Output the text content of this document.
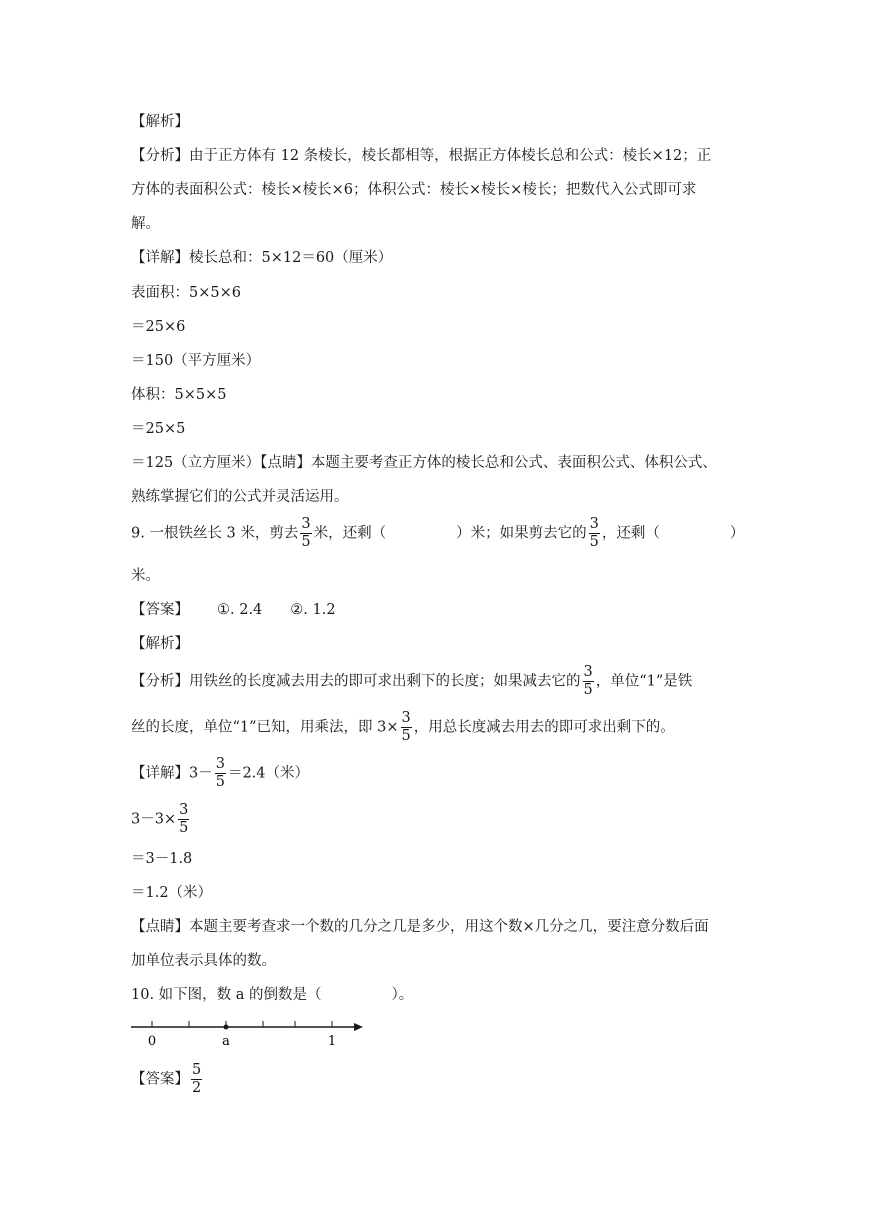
【解析】
【分析】由于正方体有 12 条棱长，棱长都相等，根据正方体棱长总和公式：棱长×12；正
方体的表面积公式：棱长×棱长×6；体积公式：棱长×棱长×棱长；把数代入公式即可求
解。
【详解】棱长总和：5×12＝60（厘米）
表面积：5×5×6
＝25×6
＝150（平方厘米）
体积：5×5×5
＝25×5
＝125（立方厘米）【点睛】本题主要考查正方体的棱长总和公式、表面积公式、体积公式、
熟练掌握它们的公式并灵活运用。
9. 一根铁丝长 3 米，剪去 $\frac{3}{5}$ 米，还剩（	）米；如果剪去它的 $\frac{3}{5}$ ，还剩（	）
米。
【答案】 ①. 2.4 ②. 1.2
【解析】
【分析】用铁丝的长度减去用去的即可求出剩下的长度；如果减去它的 $\frac{3}{5}$ ，单位“1”是铁
丝的长度，单位“1”已知，用乘法，即 $3\times \frac{3}{5}$ ，用总长度减去用去的即可求出剩下的。
【详解】$3- \frac{3}{5} =2.4$（米）
$3-3\times \frac{3}{5}$
＝3－1.8
＝1.2（米）
【点睛】本题主要考查求一个数的几分之几是多少，用这个数×几分之几，要注意分数后面
加单位表示具体的数。
10. 如下图，数 a 的倒数是（	）。
0	a	1
【答案】 $\frac{5}{2}$
